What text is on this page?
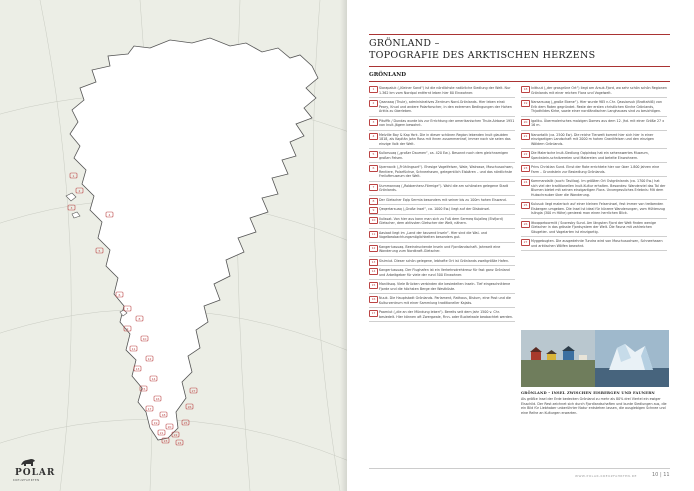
1
2
3
4
5
6
7
8
9
10
11
12
13
14
15
16
17
18
19
20
21	22
23	24
25
26
27
POLAR
KREUZFAHRTEN
GRÖNLAND –
TOPOGRAFIE DES ARKTISCHEN HERZENS
GRÖNLAND
1	Siorapaluk („Kleiner Sand“) ist die nördlichste natürliche Siedlung der Welt. Nur 1.362 km vom Nordpol entfernt leben hier 80 Einwohner.
2	Qaanaaq (Thule), administratives Zentrum Nord-Grönlands. Hier leben einst Peary, Knud und andere Polarforscher, in den extremen Bedingungen der Hohen Arktis zu überleben.
3	Pituffik / Dundas wurde bis zur Errichtung der amerikanischen Thule-Airbase 1951 von Inuit-Jägern bewohnt.
4	Melville Bay & Kap York. Die in dieser schönen Region lebenden Inuit glaubten 1818, als Kapitän John Ross mit ihnen zusammentraf, immer noch sie seien das einzige Volk der Welt.
5	Kullorsuaq („großer Daumen“, ca. 420 Ew.). Besonnt noch dem gleichnamigen großen Felsen.
6	Upernavik („Frühlingsort“). Ehesige Vogelfelsen, Wale, Walrosse, Moschusochsen, Rentiere, Polarfüchse, Schneehasen, gelegentlich Eisbären – und das nördlichste Freiluftmuseum der Welt.
7	Uummannaq („Robbenherz-Förmige“). Wohl die am schönsten gelegene Stadt Grönlands.
8	Der Gletscher Eqip Sermia besonders mit seiner bis zu 100m hohen Eiswand.
9	Qeqertarsuaq („Große Insel“, ca. 1000 Ew.) liegt auf der Diskoinsel.
10	Ilulissat. Von hier aus kann man sich zu Fuß dem Sermeq Kujalleq (Eisfjord) Gletscher, dem aktivsten Gletscher der Welt, nähern.
11	Aasiaat liegt im „Land der tausend Inseln“. Hier sind die Wal- und Vogelbeobachtungsmöglichkeiten besonders gut.
12	Kangerlussuaq. Beeindruckende Inseln und Fjordlandschaft. Jahrweit eine Wanderung zum Nordkraft-Gletscher.
13	Sisimiut. Dieser schön gelegene, lebhafte Ort ist Grönlands zweitgrößte Hafen.
14	Kangerlussuaq. Der Flughafen ist ein Verkehrsdrehkreuz für fast ganz Grönland und Arbeitgeber für viele der rund 500 Einwohner.
15	Maniitsoq. Viele Brücken verbinden die besiedelten Inseln. Tief eingeschnittene Fjorde und die höchsten Berge der Westküste.
16	Nuuk. Die Hauptstadt Grönlands. Parlament, Rathaus, Bistum, eine Post und die Kulturzentrum mit einer Sammlung traditioneller Kajaks.
17	Paamiut („die an der Mündung leben“). Bereits seit dem Jahr 1500 v. Chr. besiedelt. Hier können oft Zwergwale, Finn- oder Buckelwale beobachtet werden.
18	Ivittuut („der grasgrüne Ort“) liegt am Arsuk-Fjord, wo sehr schön schön Regionen Grönlands mit einer reichen Flora und Vogelwelt.
19	Narsarsuaq („große Ebene“). Hier wurde 985 n.Chr. Qassiarsuk (Brattahlíð) von Erik dem Roten gegründet. Reste der ersten christlichen Kirche Grönlands, Thjodhildes Kirke, sowie einer nordländischen Langhauses sind zu besichtigen.
20	Igaliku. Übermalerisches malzigen Domes aus dem 12. Jhd. mit einer Größe 27 x 16 m.
21	Nanortalik (ca. 2500 Ew). Die reiche Tierwelt kommt hier sich hier in einer einzigartigen Landschaft mit 2000 m hohen Granitfelsen und den einzigen Wäldern Grönlands.
22	Die Malerische Inuit-Siedlung Oqipintoq hat ein sehenswertes Museum, Speckstein-schnitzereien und Malereien und betelte Einwohnern.
23	Prins Christian Sund. Einst der Rote errichtete hier vor über 1.800 Jahren eine Farm – Grundstein zur Besiedlung Grönlands.
24	Kommandalik (auch: Tasiilaq). Im größten Ort Ostgrönlands (ca. 1700 Ew.) hat sich viel der traditionellen Inuit-Kultur erhalten. Besondes: Wanderziel das Tal der Blumen bietet mit seinen einzigartigen Flora. Unvergessliches Erlebnis: Mit dem Hubschrauber über die Wanderung.
25	Kulusuk liegt malerisch auf einer kleinen Felseninsel, fest immer von treibenden Eisbergen umgeben. Die Insel ist ideal für kürzere Wanderungen, vom Hüttenzug Islingia (300 m Höhe) genieest man einen herrlichen Blick.
26	Ittoqqortoormiit / Scoresby Sund. Am längsten Fjord der Welt finden wenige Gletscher in das grösste Fjordsystem der Welt. Die Fauna mit zahlreichen Säugetier- und Vogelarten ist einzigartig.
27	Myggebugten. Die ausgedehnte Tundra wird von Moschusochsen, Schneehasen und arktischen Wölfen bewohnt.
GRÖNLAND – INSEL ZWISCHEN EISBERGEN UND FAUNERN
Als größte Insel der Erde bedecken Grönland zu mehr als 80% drei Viertel ein ewiger Eisschild. Der Rest zeichnet sich durch Fjordlandschaften und bunte Siedlungen aus, die ein Bild für Liebhaber unberührter Natur entstehen lassen, die ausgiebigen Schnee und eine Reihe an Kulturgen erwarten.
WWW.POLAR-KREUZFAHRTEN.DE	10 | 11
